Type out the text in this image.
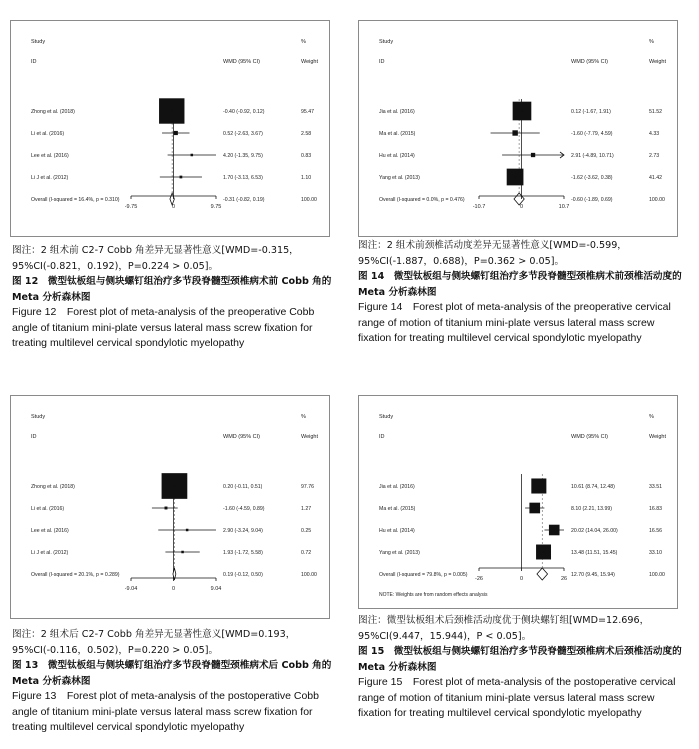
Study	%
ID	WMD (95% CI)	Weight
Zhong et al. (2018)	-0.40 (-0.92, 0.12)	95.47
Li et al. (2016)	0.52 (-2.63, 3.67)	2.58
Lee et al. (2016)	4.20 (-1.35, 9.75)	0.83
Li J et al. (2012)	1.70 (-3.13, 6.53)	1.10
Overall (I-squared = 16.4%, p = 0.310)	-0.31 (-0.82, 0.19)	100.00
-9.75	0	9.75

图注：2 组术前 C2-7 Cobb 角差异无显著性意义[WMD=-0.315，95%CI(-0.821，0.192)，P=0.224 > 0.05]。

图 12　微型钛板组与侧块螺钉组治疗多节段脊髓型颈椎病术前 Cobb 角的 Meta 分析森林图

Figure 12　Forest plot of meta-analysis of the preoperative Cobb angle of titanium mini-plate versus lateral mass screw fixation for treating multilevel cervical spondylotic myelopathy

Study	%
ID	WMD (95% CI)	Weight
Jia et al. (2016)	0.12 (-1.67, 1.91)	51.52
Ma et al. (2015)	-1.60 (-7.79, 4.59)	4.33
Hu et al. (2014)	2.91 (-4.89, 10.71)	2.73
Yang et al. (2013)	-1.62 (-3.62, 0.38)	41.42
Overall (I-squared = 0.0%, p = 0.476)	-0.60 (-1.89, 0.69)	100.00
-10.7	0	10.7

图注：2 组术前颈椎活动度差异无显著性意义[WMD=-0.599，95%CI(-1.887，0.688)，P=0.362 > 0.05]。

图 14　微型钛板组与侧块螺钉组治疗多节段脊髓型颈椎病术前颈椎活动度的 Meta 分析森林图

Figure 14　Forest plot of meta-analysis of the preoperative cervical range of motion of titanium mini-plate versus lateral mass screw fixation for treating multilevel cervical spondylotic myelopathy

Study	%
ID	WMD (95% CI)	Weight
Zhong et al. (2018)	0.20 (-0.11, 0.51)	97.76
Li et al. (2016)	-1.60 (-4.59, 0.89)	1.27
Lee et al. (2016)	2.90 (-3.24, 9.04)	0.25
Li J et al. (2012)	1.93 (-1.72, 5.58)	0.72
Overall (I-squared = 20.1%, p = 0.289)	0.19 (-0.12, 0.50)	100.00
-9.04	0	9.04

图注：2 组术后 C2-7 Cobb 角差异无显著性意义[WMD=0.193，95%CI(-0.116，0.502)，P=0.220 > 0.05]。

图 13　微型钛板组与侧块螺钉组治疗多节段脊髓型颈椎病术后 Cobb 角的 Meta 分析森林图

Figure 13　Forest plot of meta-analysis of the postoperative Cobb angle of titanium mini-plate versus lateral mass screw fixation for treating multilevel cervical spondylotic myelopathy

Study	%
ID	WMD (95% CI)	Weight
Jia et al. (2016)	10.61 (8.74, 12.48)	33.51
Ma et al. (2015)	8.10 (2.21, 13.99)	16.83
Hu et al. (2014)	20.02 (14.04, 26.00)	16.56
Yang et al. (2013)	13.48 (11.51, 15.45)	33.10
Overall (I-squared = 79.8%, p = 0.005)	12.70 (9.45, 15.94)	100.00
NOTE: Weights are from random effects analysis
-26	0	26

图注：微型钛板组术后颈椎活动度优于侧块螺钉组[WMD=12.696，95%CI(9.447，15.944)，P < 0.05]。

图 15　微型钛板组与侧块螺钉组治疗多节段脊髓型颈椎病术后颈椎活动度的 Meta 分析森林图

Figure 15　Forest plot of meta-analysis of the postoperative cervical range of motion of titanium mini-plate versus lateral mass screw fixation for treating multilevel cervical spondylotic myelopathy
